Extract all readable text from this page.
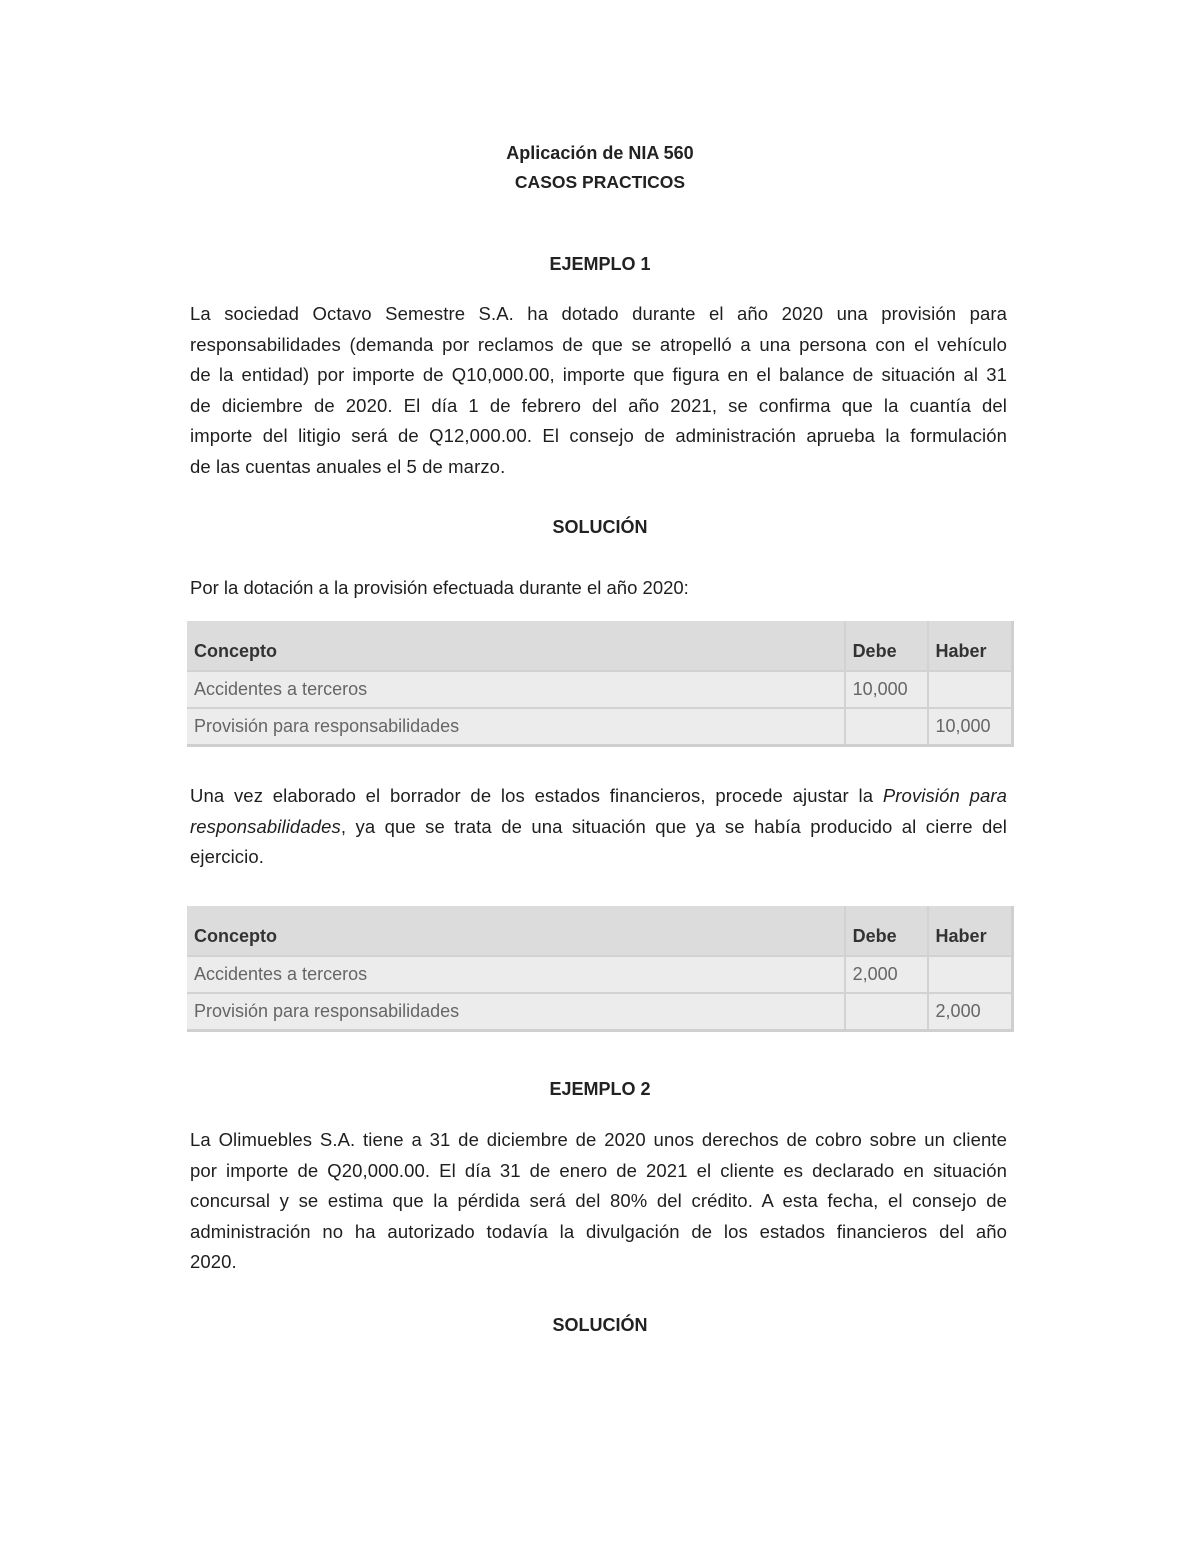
Aplicación de NIA 560
CASOS PRACTICOS
EJEMPLO 1
La sociedad Octavo Semestre S.A. ha dotado durante el año 2020 una provisión para
responsabilidades (demanda por reclamos de que se atropelló a una persona con el vehículo
de la entidad) por importe de Q10,000.00, importe que figura en el balance de situación al 31
de diciembre de 2020. El día 1 de febrero del año 2021, se confirma que la cuantía del
importe del litigio será de Q12,000.00. El consejo de administración aprueba la formulación
de las cuentas anuales el 5 de marzo.
SOLUCIÓN
Por la dotación a la provisión efectuada durante el año 2020:
Concepto	Debe	Haber
Accidentes a terceros	10,000	
Provisión para responsabilidades		10,000
Una vez elaborado el borrador de los estados financieros, procede ajustar la Provisión para
responsabilidades, ya que se trata de una situación que ya se había producido al cierre del
ejercicio.
Concepto	Debe	Haber
Accidentes a terceros	2,000	
Provisión para responsabilidades		2,000
EJEMPLO 2
La Olimuebles S.A. tiene a 31 de diciembre de 2020 unos derechos de cobro sobre un cliente
por importe de Q20,000.00. El día 31 de enero de 2021 el cliente es declarado en situación
concursal y se estima que la pérdida será del 80% del crédito. A esta fecha, el consejo de
administración no ha autorizado todavía la divulgación de los estados financieros del año
2020.
SOLUCIÓN
